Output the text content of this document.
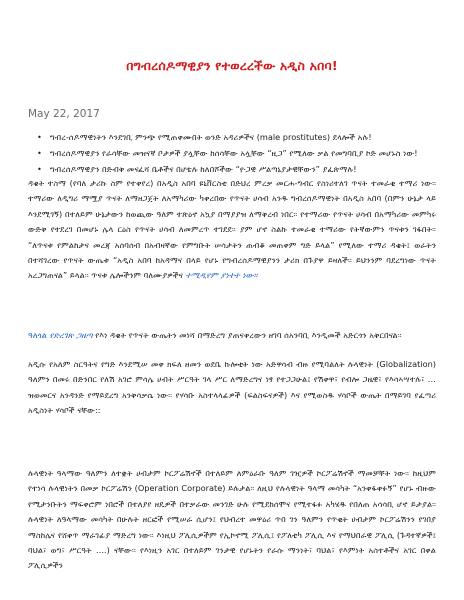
በግብረሰዶማዊያን የተወረረችው አዲስ አበባ!
May 22, 2017
• ግብረ-ሰዶማዊነትን እንደገቢ ምንጭ የሚጠቀሙበት ወንድ አዳሪዎችና (male prostitutes) ደላሎች አሉ!
• ግብረሰዶማዊያን የራሳቸው መዝናኛ ቦታዎች ያሏቸው ከሰሳቸው አሏቸው “ዚጋ” የሚለው ቃል የመግባቢያ ኮድ መሆኑስ ነው!
• ግብረሰዶማዊያን በድብቅ መናፈሻ ቤቶችና በሆቴሉ ከለበሾችው “ዮጋዊ ሥልጣኒያታዊቸውን” ያፈጽማሉ!

ዳቄት ተስማ (የባለ ታሪኩ ስም የተቀየረ) በአዲስ አበባ ዩኒቨርስቲ በድህረ ምረቃ መርሐ-ግብር የስነሪተለገ ጥናት ተመራቂ ተማሪ ነው፡፡ ተማሪው ለዲግሪ ማሟያ ጥናት ለማዘጋጀት ለአማካሪው ካቀረበው የጥናት ሀሳብ አንዱ ግብረሰዶማዊነት በአዲስ አበባ (በምን ሁኔታ ላይ እንደሚገኝ) በተለይም ሁኔታውን ከወጪው ዓለም ተጽዕኖ አኳያ በማያያዝ ለማቅረብ ነበር፡፡ የተማሪው የጥናት ሀሳብ በአማካሪው መምካሩ ውድቅ የተደረገ በመሆኑ ሌላ ርዕስ የጥናት ሀሳብ ለመምረጥ ተገደደ፡፡ ያም ሆኖ ስልኩ ተመራቂ ተማሪው የትኛውምን ጥናቱን ገፋበት፡፡ “ለጥናቱ የምልከታና መረጃ አሰባሰብ በአብዛኛው የምግቡት ሠሳታትን ጠብቆ መጠቀም ግድ ይላል” የሚለው ተማሪ ዳቄት፤ ወራትን በተሻገረው የጥናት ውጤቱ “አዲስ አበባ ከአዳማና በላይ የሆኑ የግብረሰዶማዊያንን ታሪክ በጉያዋ ይዛለች፡፡ ይህንንም ባደረግነው ጥናት አረጋግጠናል” ይላል፡፡ ጥናቱ ሌሎችንም ባለሙያዎችና ተሚዲየም ያነተተ ነው፡፡

ዓለጎል የድረገጽ ጋዜጣ የእነ ዳቄት የጥናት ውጤትን መነሻ በማድረግ ያጠናቀረውን ዘገባ ሰአንባቢ እንዲመች አድርጎን አቅርበናል፡፡

አዲሱ የአለም ስርዓትና የግድ እንደሚሠ መቀ ክፍለ ዘመን ወደቤ ኩሎቲት ነው አድዋሳብ ብዙ የሚባልለት ሉላዊነት (Globalization) ዓለምን በመሩ በድንበር የለሽ አገሮ ምሳሌ ሀብት ሥርዓት ገላ ሥር ለማድረግና ነፃ የተጋጋሁል፤ የሽቀዋ፣ የብሎ ጋዜዊ፣ የእሳኣሣተሉ፣ … ዝወመርና አንዳንድ የማይደረግ አንቅሳቃሴ ነው፡፡ የሃሳቡ አስተላላፊዎች (ፍልስፍናዎች) እና የሚወስዱ ሃሳቦች ውጤት በማይገባ የፈጣሪ አዲስነት ሃሳቦች ናቸው::

ሉላዊነት ዓላማው ዓለምን ለተቋት ሀብታም ኮርፖሬሽኖች በተለይም ለምዕራቡ ዓለም ገዢዎች ኮርፖሬሽኖች ማመቻቸት ነው፡፡ ከዚህም የተነሳ ሉላዊነትን በመቃ ኮርፖሬሽን (Operation Corporate) ይሉታል፡፡ ለዚህ የሉላዊነት ዓላማ መሳካት “አንቀፋቀፉኝ” የሆኑ ብዙው የሚታንቡትን ማፍቀሮም ነበሮች በተለያየ ዘዴዎች በተቃራው መንገድ ሁሉ የሚደከሰሞና የሚተፋፉ አካሄዱ የበለጠ አሳሳቢ ሆኖ ይታያል፡፡ ሉላዊነት ለዓላማው መሳካት በሁሉት ዘርፎች የሚሠራ ሲሆን፤ የህብረተ መዋዕሪ ጥበ ገን ዓለምን የጥቂት ሀብታም ኮርፖሬሽንን የገበያ ማስከሌና የሸቀጥ ማራገፊያ ማድረግ ነው፡፡ እነዚህ ፖሊሲዎችም የኢኮኖሚ ፖሊሲ፤ የፖለቲካ ፖሊሲ እና የማህበራዊ ፖሊሲ (ጉዳተኛዎች፤ ባህል፣ ወግ፣ ሥርዓት ….) ናቸው፡፡ የእነዚን አገር በተለይም ገንታዊ የሆኑትን የራሱ ማንነት፣ ባህል፣ የእምነት አስተቶችና አገር በቀል ፖሊሲዎችን
